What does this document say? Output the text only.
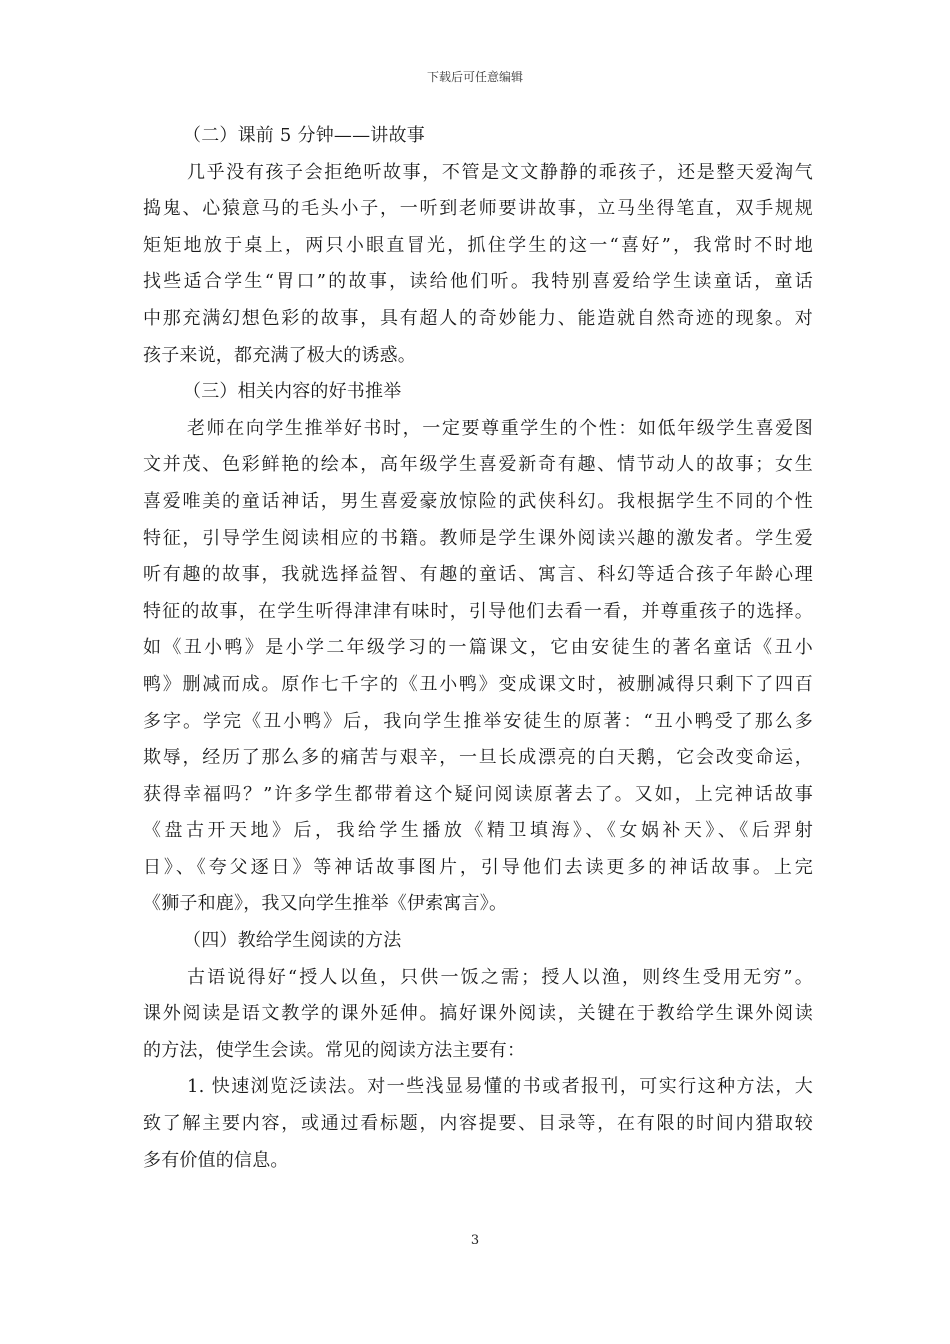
下载后可任意编辑
（二）课前 5 分钟——讲故事
几乎没有孩子会拒绝听故事，不管是文文静静的乖孩子，还是整天爱淘气
捣鬼、心猿意马的毛头小子，一听到老师要讲故事，立马坐得笔直，双手规规
矩矩地放于桌上，两只小眼直冒光，抓住学生的这一“喜好”，我常时不时地
找些适合学生“胃口”的故事，读给他们听。我特别喜爱给学生读童话，童话
中那充满幻想色彩的故事，具有超人的奇妙能力、能造就自然奇迹的现象。对
孩子来说，都充满了极大的诱惑。
（三）相关内容的好书推举
老师在向学生推举好书时，一定要尊重学生的个性：如低年级学生喜爱图
文并茂、色彩鲜艳的绘本，高年级学生喜爱新奇有趣、情节动人的故事；女生
喜爱唯美的童话神话，男生喜爱豪放惊险的武侠科幻。我根据学生不同的个性
特征，引导学生阅读相应的书籍。教师是学生课外阅读兴趣的激发者。学生爱
听有趣的故事，我就选择益智、有趣的童话、寓言、科幻等适合孩子年龄心理
特征的故事，在学生听得津津有味时，引导他们去看一看，并尊重孩子的选择。
如《丑小鸭》是小学二年级学习的一篇课文，它由安徒生的著名童话《丑小
鸭》删减而成。原作七千字的《丑小鸭》变成课文时，被删减得只剩下了四百
多字。学完《丑小鸭》后，我向学生推举安徒生的原著：“丑小鸭受了那么多
欺辱，经历了那么多的痛苦与艰辛，一旦长成漂亮的白天鹅，它会改变命运，
获得幸福吗？”许多学生都带着这个疑问阅读原著去了。又如，上完神话故事
《盘古开天地》后，我给学生播放《精卫填海》、《女娲补天》、《后羿射
日》、《夸父逐日》等神话故事图片，引导他们去读更多的神话故事。上完
《狮子和鹿》，我又向学生推举《伊索寓言》。
（四）教给学生阅读的方法
古语说得好“授人以鱼，只供一饭之需；授人以渔，则终生受用无穷”。
课外阅读是语文教学的课外延伸。搞好课外阅读，关键在于教给学生课外阅读
的方法，使学生会读。常见的阅读方法主要有：
1. 快速浏览泛读法。对一些浅显易懂的书或者报刊，可实行这种方法，大
致了解主要内容，或通过看标题，内容提要、目录等，在有限的时间内猎取较
多有价值的信息。
3
